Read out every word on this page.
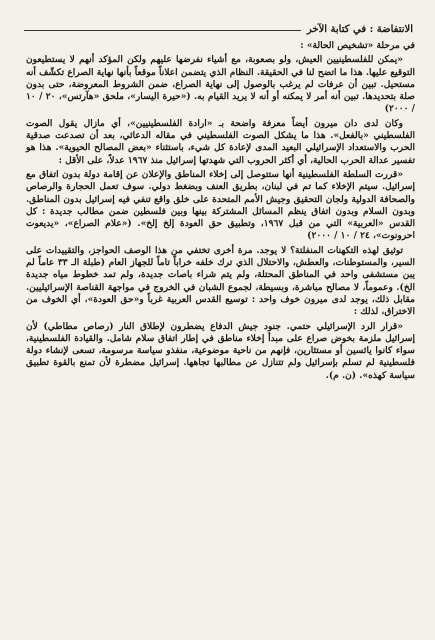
الانتفاضة : في كتابة الآخر

في مرحلة «تشخيص الحالة» :

«يمكن للفلسطينيين العيش، ولو بصعوبة، مع أشياء نفرضها عليهم ولكن المؤكد أنهم لا يستطيعون التوقيع عليها. هذا ما اتضح لنا في الحقيقة. النظام الذي يتضمن اعلاناً موقعاً بأنها نهاية الصراع تكشّف أنه مستحيل. تبين أن عرفات لم يرغب بالوصول إلى نهاية الصراع، ضمن الشروط المعروضة، حتى بدون صلة بتحديدها. تبين أنه أمر لا يمكنه أو أنه لا يريد القيام به. («حيرة اليسار»، ملحق «هآرتس»، ٢٠ / ١٠ / ٢٠٠٠)

وكان لدى دان ميرون أيضاً معرفة واضحة بـ «ارادة الفلسطينيين»، أي مازال يقول الصوت الفلسطيني «بالفعل». هذا ما يشكل الصوت الفلسطيني في مقاله الدعائي، بعد أن تصدعت صدقية الحرب والاستعداد الإسرائيلي البعيد المدى لإعادة كل شيء، باستثناء «بعض المصالح الحيوية». هذا هو تفسير عدالة الحرب الحالية، أي أكثر الحروب التي شهدتها إسرائيل منذ ١٩٦٧ عدلاً، على الأقل :

«قررت السلطة الفلسطينية أنها ستتوصل إلى إخلاء المناطق والإعلان عن إقامة دولة بدون اتفاق مع إسرائيل. سيتم الإخلاء كما تم في لبنان، بطريق العنف وبضغط دولي. سوف تعمل الحجارة والرصاص والصحافة الدولية ولجان التحقيق وجيش الأمم المتحدة على خلق واقع تنفي فيه إسرائيل بدون المناطق. وبدون السلام وبدون اتفاق ينظم المسائل المشتركة بينها وبين فلسطين ضمن مطالب جديدة : كل القدس «العربية» التي من قبل ١٩٦٧، وتطبيق حق العودة إلخ إلخ». («علام الصراع»، «يديعوت احرونوت»، ٢٤ / ١٠ / ٢٠٠٠)

توثيق لهذه التكهنات المنفلتة؟ لا يوجد. مرة أخرى تختفي من هذا الوصف الحواجز، والتقييدات على السير، والمستوطنات، والعطش، والاحتلال الذي ترك خلفه خراباً تاماً للجهاز العام (طبلة الـ ٣٣ عاماً لم يبن مستشفى واحد في المناطق المحتلة، ولم يتم شراء باصات جديدة، ولم تمد خطوط مياه جديدة الخ). وعموماً، لا مصالح مباشرة، وبسيطة، لجموع الشبان في الخروج في مواجهة القناصة الإسرائيليين. مقابل ذلك، يوجد لدى ميرون خوف واحد : توسيع القدس العربية غرباً و«حق العودة»، أي الخوف من الاختراق، لذلك :

«قرار الرد الإسرائيلي حتمي. جنود جيش الدفاع يضطرون لإطلاق النار (رصاص مطاطي) لأن إسرائيل ملزمة بخوض صراع على مبدأ إخلاء مناطق في إطار اتفاق سلام شامل. والقيادة الفلسطينية، سواء كانوا يائسين أو مستثارين، فإنهم من ناحية موضوعية، منفذو سياسة مرسومة، تسعى لإنشاء دولة فلسطينية لم تسلم بإسرائيل ولم تتنازل عن مطالبها تجاهها. إسرائيل مضطرة لأن تمنع بالقوة تطبيق سياسة كهذه». (ن. م).
